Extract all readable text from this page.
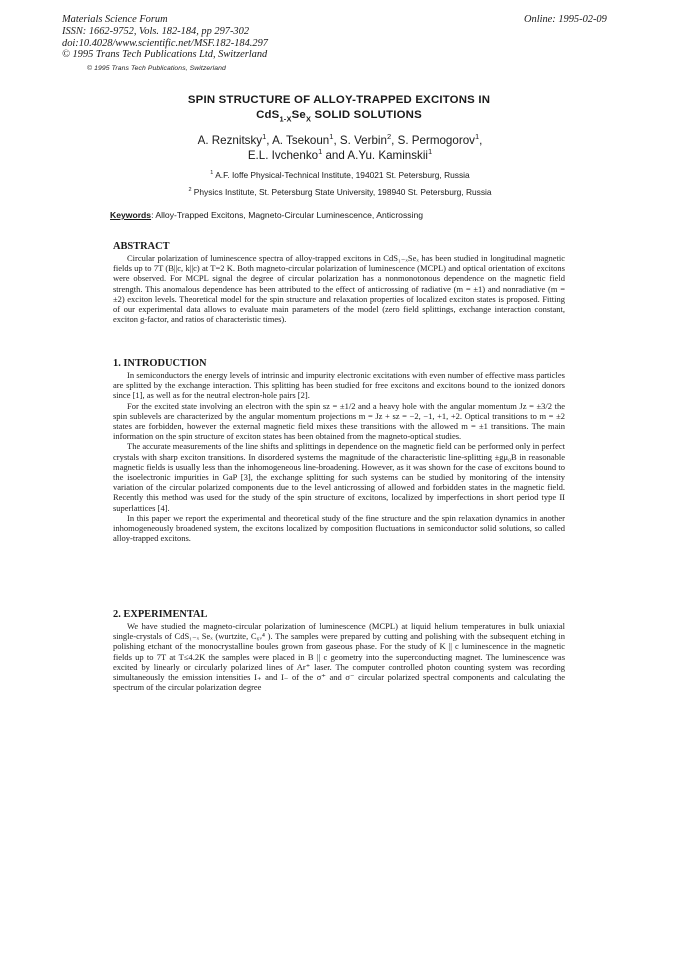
Materials Science Forum
ISSN: 1662-9752, Vols. 182-184, pp 297-302
doi:10.4028/www.scientific.net/MSF.182-184.297
© 1995 Trans Tech Publications Ltd, Switzerland
Online: 1995-02-09
© 1995 Trans Tech Publications, Switzerland
SPIN STRUCTURE OF ALLOY-TRAPPED EXCITONS IN
$CdS_{1-X}Se_X$ SOLID SOLUTIONS
A. Reznitsky$^1$, A. Tsekoun$^1$, S. Verbin$^2$, S. Permogorov$^1$,
E.L. Ivchenko$^1$ and A.Yu. Kaminskii$^1$
$^1$ A.F. Ioffe Physical-Technical Institute, 194021 St. Petersburg, Russia
$^2$ Physics Institute, St. Petersburg State University, 198940 St. Petersburg, Russia
Keywords: Alloy-Trapped Excitons, Magneto-Circular Luminescence, Anticrossing

ABSTRACT

Circular polarization of luminescence spectra of alloy-trapped excitons in CdS₁₋ₓSeₓ has been studied in longitudinal magnetic fields up to 7T (B||c, k||c) at T=2 K. Both magneto-circular polarization of luminescence (MCPL) and optical orientation of excitons were observed. For MCPL signal the degree of circular polarization has a nonmonotonous dependence on the magnetic field strength. This anomalous dependence has been attributed to the effect of anticrossing of radiative (m = ±1) and nonradiative (m = ±2) exciton levels. Theoretical model for the spin structure and relaxation properties of localized exciton states is proposed. Fitting of our experimental data allows to evaluate main parameters of the model (zero field splittings, exchange interaction constant, exciton g-factor, and ratios of characteristic times).

1. INTRODUCTION

In semiconductors the energy levels of intrinsic and impurity electronic excitations with even number of effective mass particles are splitted by the exchange interaction. This splitting has been studied for free excitons and excitons bound to the ionized donors since [1], as well as for the neutral electron-hole pairs [2].

For the excited state involving an electron with the spin sz = ±1/2 and a heavy hole with the angular momentum Jz = ±3/2 the spin sublevels are characterized by the angular momentum projections m = Jz + sz = −2, −1, +1, +2. Optical transitions to m = ±2 states are forbidden, however the external magnetic field mixes these transitions with the allowed m = ±1 transitions. The main information on the spin structure of exciton states has been obtained from the magneto-optical studies.

The accurate measurements of the line shifts and splittings in dependence on the magnetic field can be performed only in perfect crystals with sharp exciton transitions. In disordered systems the magnitude of the characteristic line-splitting ±gμ₀B in reasonable magnetic fields is usually less than the inhomogeneous line-broadening. However, as it was shown for the case of excitons bound to the isoelectronic impurities in GaP [3], the exchange splitting for such systems can be studied by monitoring of the intensity variation of the circular polarized components due to the level anticrossing of allowed and forbidden states in the magnetic field. Recently this method was used for the study of the spin structure of excitons, localized by imperfections in short period type II superlattices [4].

In this paper we report the experimental and theoretical study of the fine structure and the spin relaxation dynamics in another inhomogeneously broadened system, the excitons localized by composition fluctuations in semiconductor solid solutions, so called alloy-trapped excitons.

2. EXPERIMENTAL

We have studied the magneto-circular polarization of luminescence (MCPL) at liquid helium temperatures in bulk uniaxial single-crystals of CdS₁₋ₓ Seₓ (wurtzite, C₆ᵥ⁴ ). The samples were prepared by cutting and polishing with the subsequent etching in polishing etchant of the monocrystalline boules grown from gaseous phase. For the study of K || c luminescence in the magnetic fields up to 7T at T≤4.2K the samples were placed in B || c geometry into the superconducting magnet. The luminescence was excited by linearly or circularly polarized lines of Ar⁺ laser. The computer controlled photon counting system was recording simultaneously the emission intensities I₊ and I₋ of the σ⁺ and σ⁻ circular polarized spectral components and calculating the spectrum of the circular polarization degree
